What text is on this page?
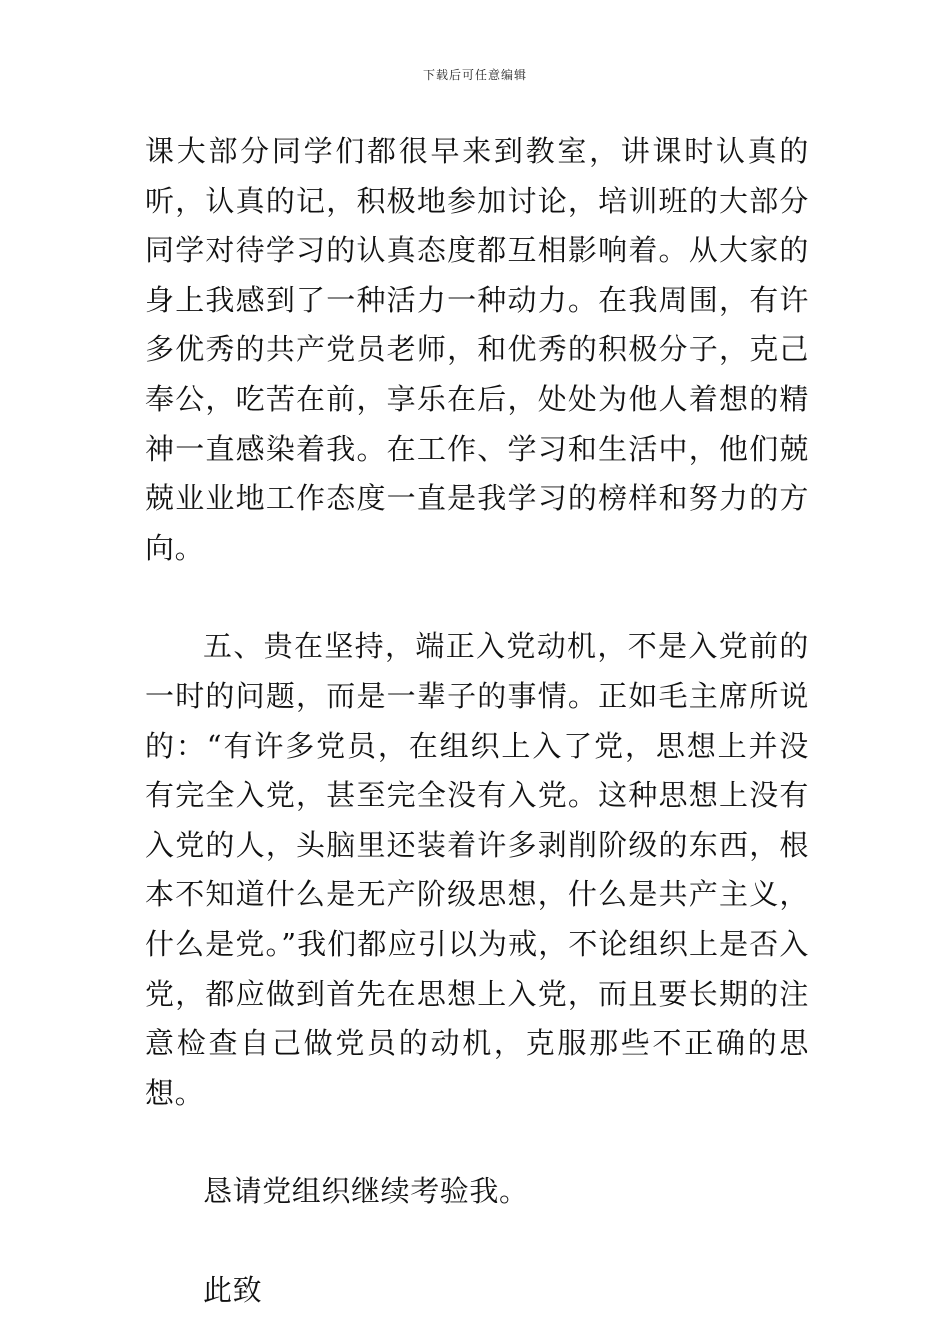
下载后可任意编辑

课大部分同学们都很早来到教室，讲课时认真的听，认真的记，积极地参加讨论，培训班的大部分同学对待学习的认真态度都互相影响着。从大家的身上我感到了一种活力一种动力。在我周围，有许多优秀的共产党员老师，和优秀的积极分子，克己奉公，吃苦在前，享乐在后，处处为他人着想的精神一直感染着我。在工作、学习和生活中，他们兢兢业业地工作态度一直是我学习的榜样和努力的方向。

五、贵在坚持，端正入党动机，不是入党前的一时的问题，而是一辈子的事情。正如毛主席所说的：“有许多党员，在组织上入了党，思想上并没有完全入党，甚至完全没有入党。这种思想上没有入党的人，头脑里还装着许多剥削阶级的东西，根本不知道什么是无产阶级思想，什么是共产主义，什么是党。”我们都应引以为戒，不论组织上是否入党，都应做到首先在思想上入党，而且要长期的注意检查自己做党员的动机，克服那些不正确的思想。

恳请党组织继续考验我。

此致
